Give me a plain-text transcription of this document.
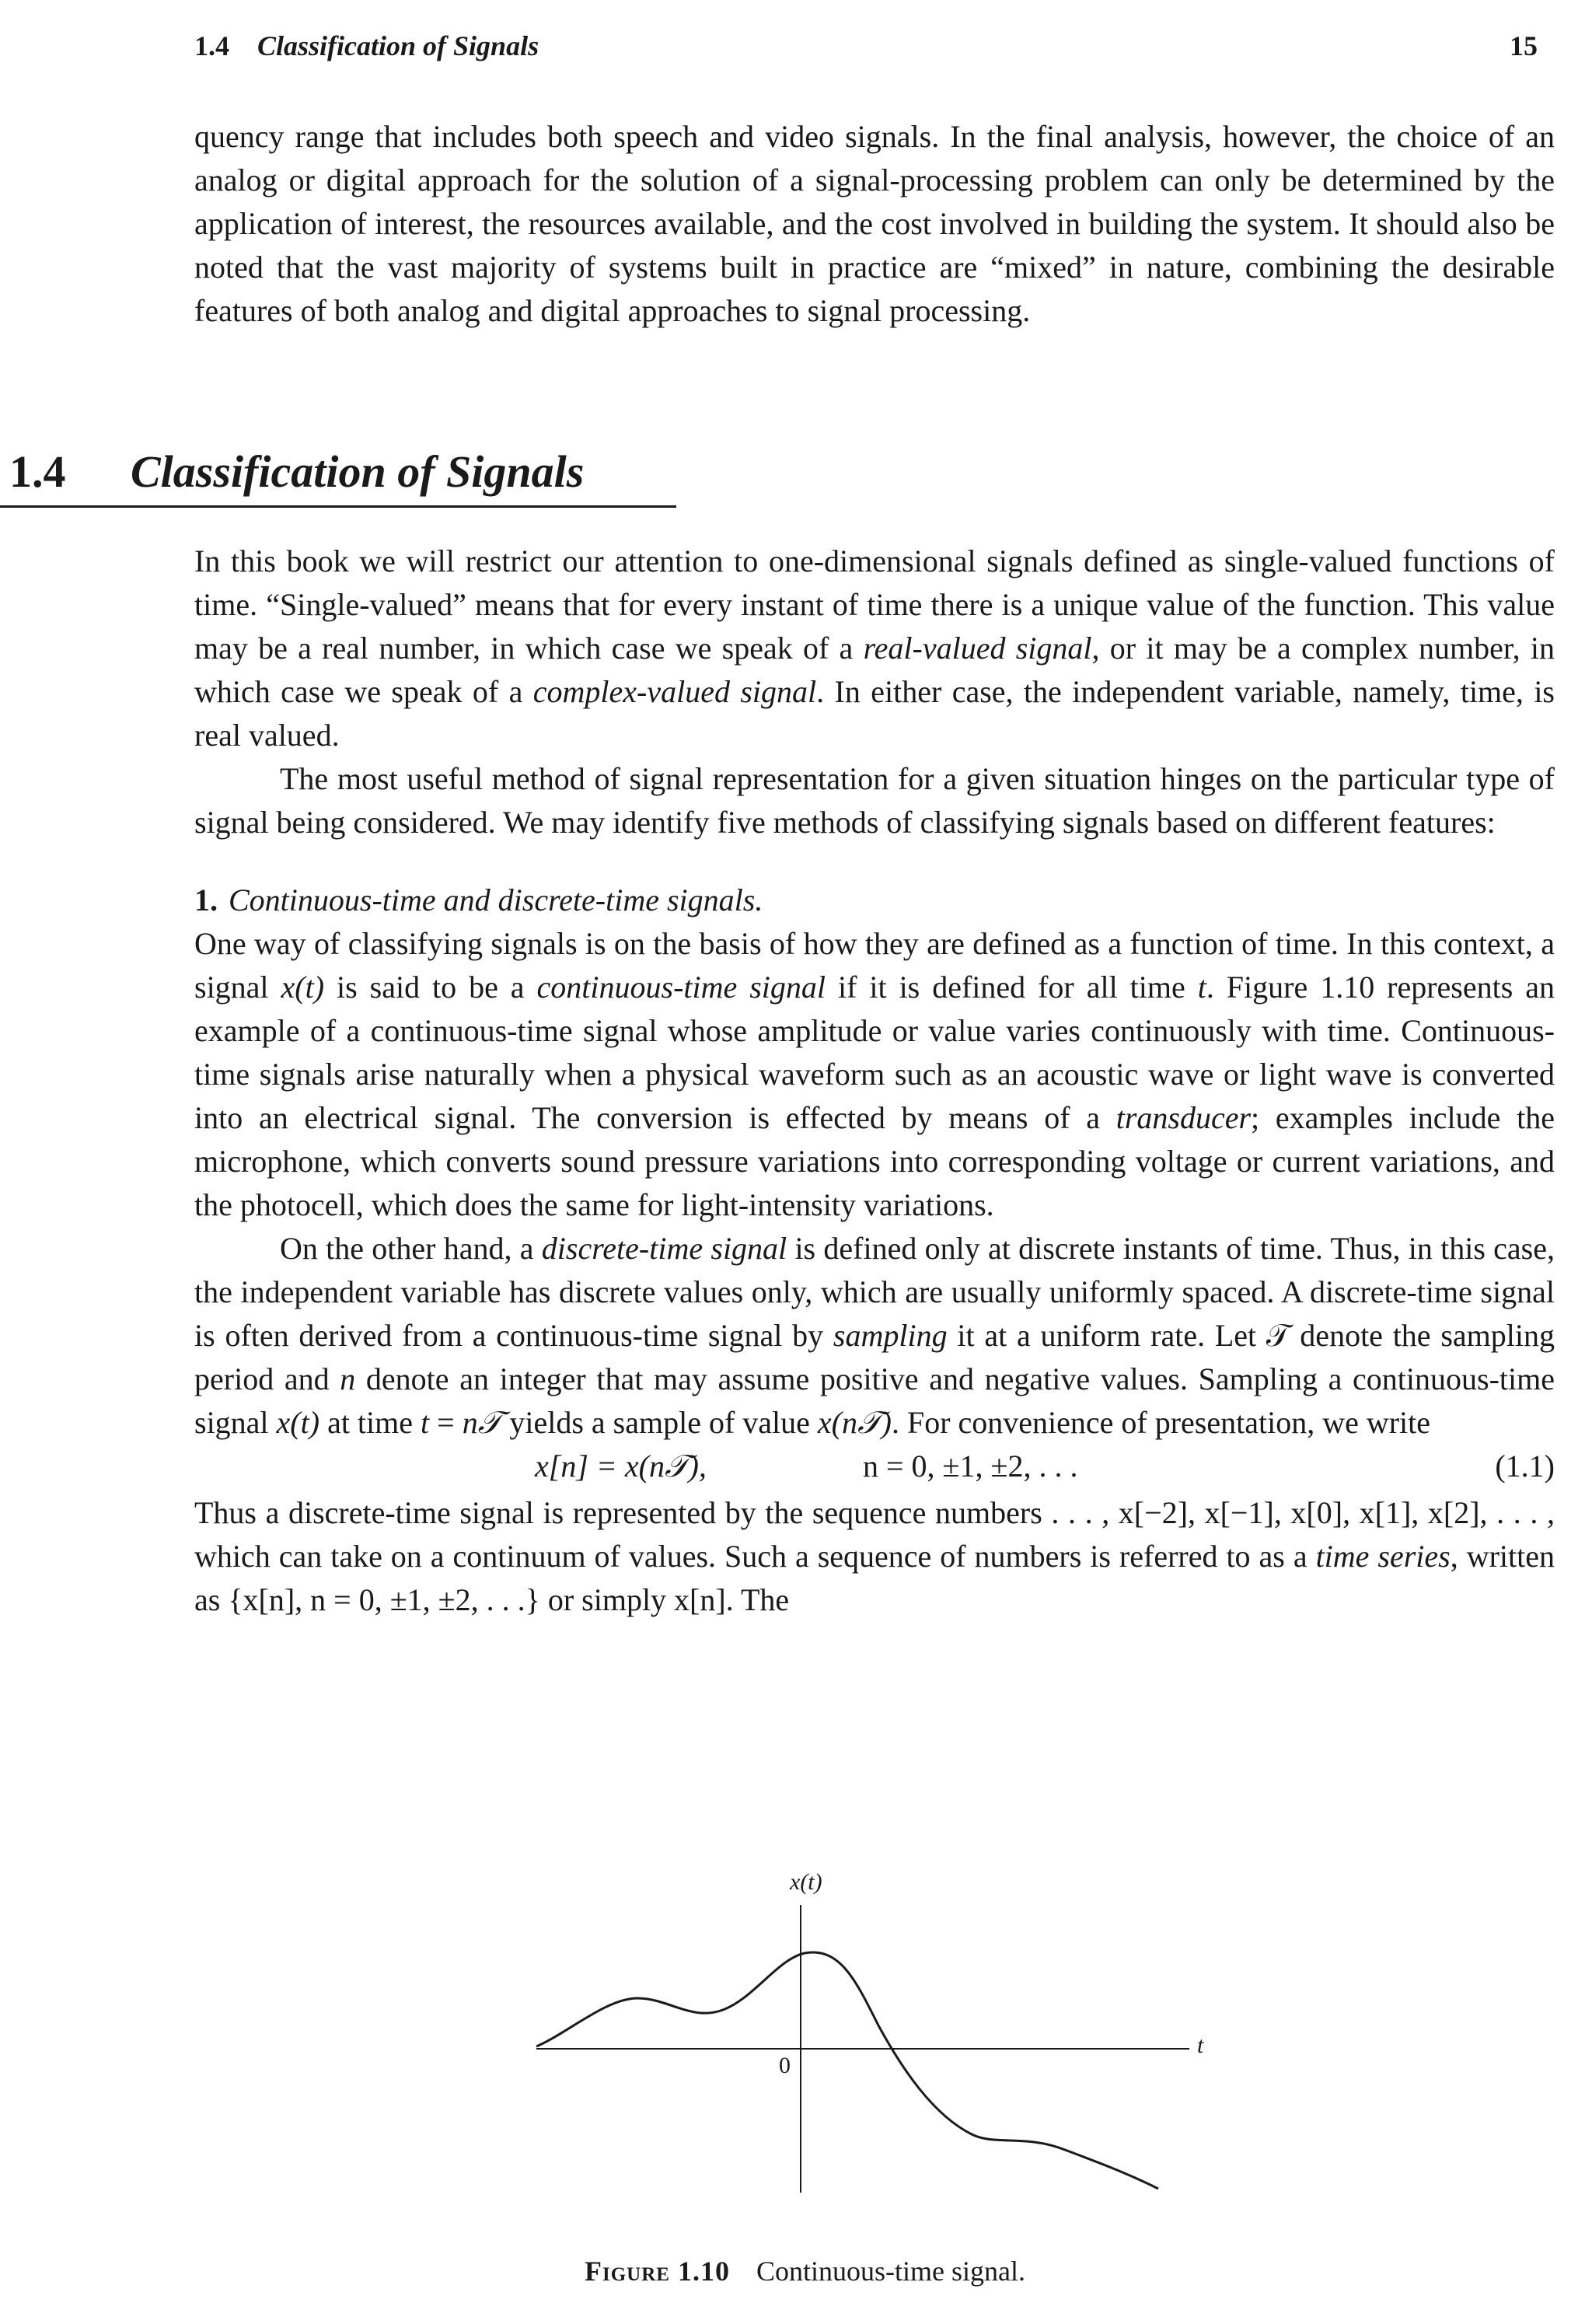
1.4 Classification of Signals	15

quency range that includes both speech and video signals. In the final analysis, however, the choice of an analog or digital approach for the solution of a signal-processing problem can only be determined by the application of interest, the resources available, and the cost involved in building the system. It should also be noted that the vast majority of systems built in practice are “mixed” in nature, combining the desirable features of both analog and digital approaches to signal processing.

1.4 Classification of Signals

In this book we will restrict our attention to one-dimensional signals defined as single-valued functions of time. “Single-valued” means that for every instant of time there is a unique value of the function. This value may be a real number, in which case we speak of a real-valued signal, or it may be a complex number, in which case we speak of a complex-valued signal. In either case, the independent variable, namely, time, is real valued.

The most useful method of signal representation for a given situation hinges on the particular type of signal being considered. We may identify five methods of classifying signals based on different features:

1. Continuous-time and discrete-time signals.

One way of classifying signals is on the basis of how they are defined as a function of time. In this context, a signal x(t) is said to be a continuous-time signal if it is defined for all time t. Figure 1.10 represents an example of a continuous-time signal whose amplitude or value varies continuously with time. Continuous-time signals arise naturally when a physical waveform such as an acoustic wave or light wave is converted into an electrical signal. The conversion is effected by means of a transducer; examples include the microphone, which converts sound pressure variations into corresponding voltage or current variations, and the photocell, which does the same for light-intensity variations.

On the other hand, a discrete-time signal is defined only at discrete instants of time. Thus, in this case, the independent variable has discrete values only, which are usually uniformly spaced. A discrete-time signal is often derived from a continuous-time signal by sampling it at a uniform rate. Let 𝒯 denote the sampling period and n denote an integer that may assume positive and negative values. Sampling a continuous-time signal x(t) at time t = n𝒯 yields a sample of value x(n𝒯). For convenience of presentation, we write

x[n] = x(n𝒯),	n = 0, ±1, ±2, . . .	(1.1)

Thus a discrete-time signal is represented by the sequence numbers . . . , x[−2], x[−1], x[0], x[1], x[2], . . . , which can take on a continuum of values. Such a sequence of numbers is referred to as a time series, written as {x[n], n = 0, ±1, ±2, . . .} or simply x[n]. The

x(t)
t
0
Figure 1.10 Continuous-time signal.
